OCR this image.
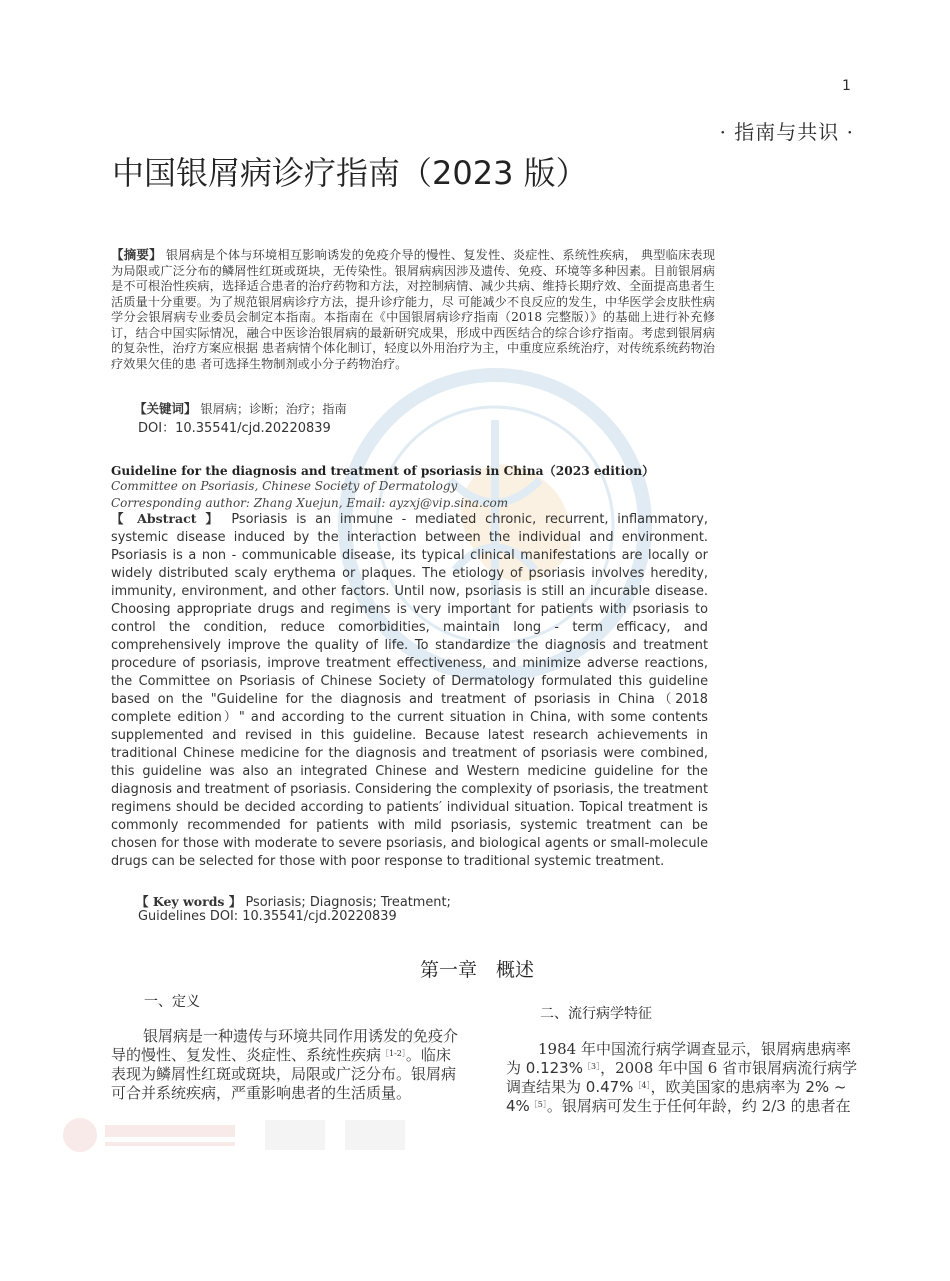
1
· 指南与共识 ·
中国银屑病诊疗指南（2023 版）
【摘要】 银屑病是个体与环境相互影响诱发的免疫介导的慢性、复发性、炎症性、系统性疾病， 典型临床表现为局限或广泛分布的鳞屑性红斑或斑块，无传染性。银屑病病因涉及遗传、免疫、环境等多种因素。目前银屑病是不可根治性疾病，选择适合患者的治疗药物和方法，对控制病情、减少共病、维持长期疗效、全面提高患者生活质量十分重要。为了规范银屑病诊疗方法，提升诊疗能力，尽 可能减少不良反应的发生，中华医学会皮肤性病学分会银屑病专业委员会制定本指南。本指南在《中国银屑病诊疗指南（2018 完整版）》的基础上进行补充修订，结合中国实际情况，融合中医诊治银屑病的最新研究成果，形成中西医结合的综合诊疗指南。考虑到银屑病的复杂性，治疗方案应根据 患者病情个体化制订，轻度以外用治疗为主，中重度应系统治疗，对传统系统药物治疗效果欠佳的患 者可选择生物制剂或小分子药物治疗。
【关键词】 银屑病；诊断；治疗；指南
DOI：10.35541/cjd.20220839
Guideline for the diagnosis and treatment of psoriasis in China（2023 edition）
Committee on Psoriasis, Chinese Society of Dermatology
Corresponding author: Zhang Xuejun, Email: ayzxj@vip.sina.com
【 Abstract 】 Psoriasis is an immune - mediated chronic, recurrent, inflammatory, systemic disease induced by the interaction between the individual and environment. Psoriasis is a non - communicable disease, its typical clinical manifestations are locally or widely distributed scaly erythema or plaques. The etiology of psoriasis involves heredity, immunity, environment, and other factors. Until now, psoriasis is still an incurable disease. Choosing appropriate drugs and regimens is very important for patients with psoriasis to control the condition, reduce comorbidities, maintain long - term efficacy, and comprehensively improve the quality of life. To standardize the diagnosis and treatment procedure of psoriasis, improve treatment effectiveness, and minimize adverse reactions, the Committee on Psoriasis of Chinese Society of Dermatology formulated this guideline based on the "Guideline for the diagnosis and treatment of psoriasis in China（2018 complete edition）" and according to the current situation in China, with some contents supplemented and revised in this guideline. Because latest research achievements in traditional Chinese medicine for the diagnosis and treatment of psoriasis were combined, this guideline was also an integrated Chinese and Western medicine guideline for the diagnosis and treatment of psoriasis. Considering the complexity of psoriasis, the treatment regimens should be decided according to patients′ individual situation. Topical treatment is commonly recommended for patients with mild psoriasis, systemic treatment can be chosen for those with moderate to severe psoriasis, and biological agents or small-molecule drugs can be selected for those with poor response to traditional systemic treatment.
【 Key words 】 Psoriasis; Diagnosis; Treatment;
Guidelines DOI: 10.35541/cjd.20220839
第一章　概述
一、定义
银屑病是一种遗传与环境共同作用诱发的免疫介导的慢性、复发性、炎症性、系统性疾病$^{[1-2]}$。临床表现为鳞屑性红斑或斑块，局限或广泛分布。银屑病可合并系统疾病，严重影响患者的生活质量。
二、流行病学特征
1984 年中国流行病学调查显示，银屑病患病率为 0.123%$^{[3]}$，2008 年中国 6 省市银屑病流行病学调查结果为 0.47%$^{[4]}$，欧美国家的患病率为 2% ~ 4%$^{[5]}$。银屑病可发生于任何年龄，约 2/3 的患者在
